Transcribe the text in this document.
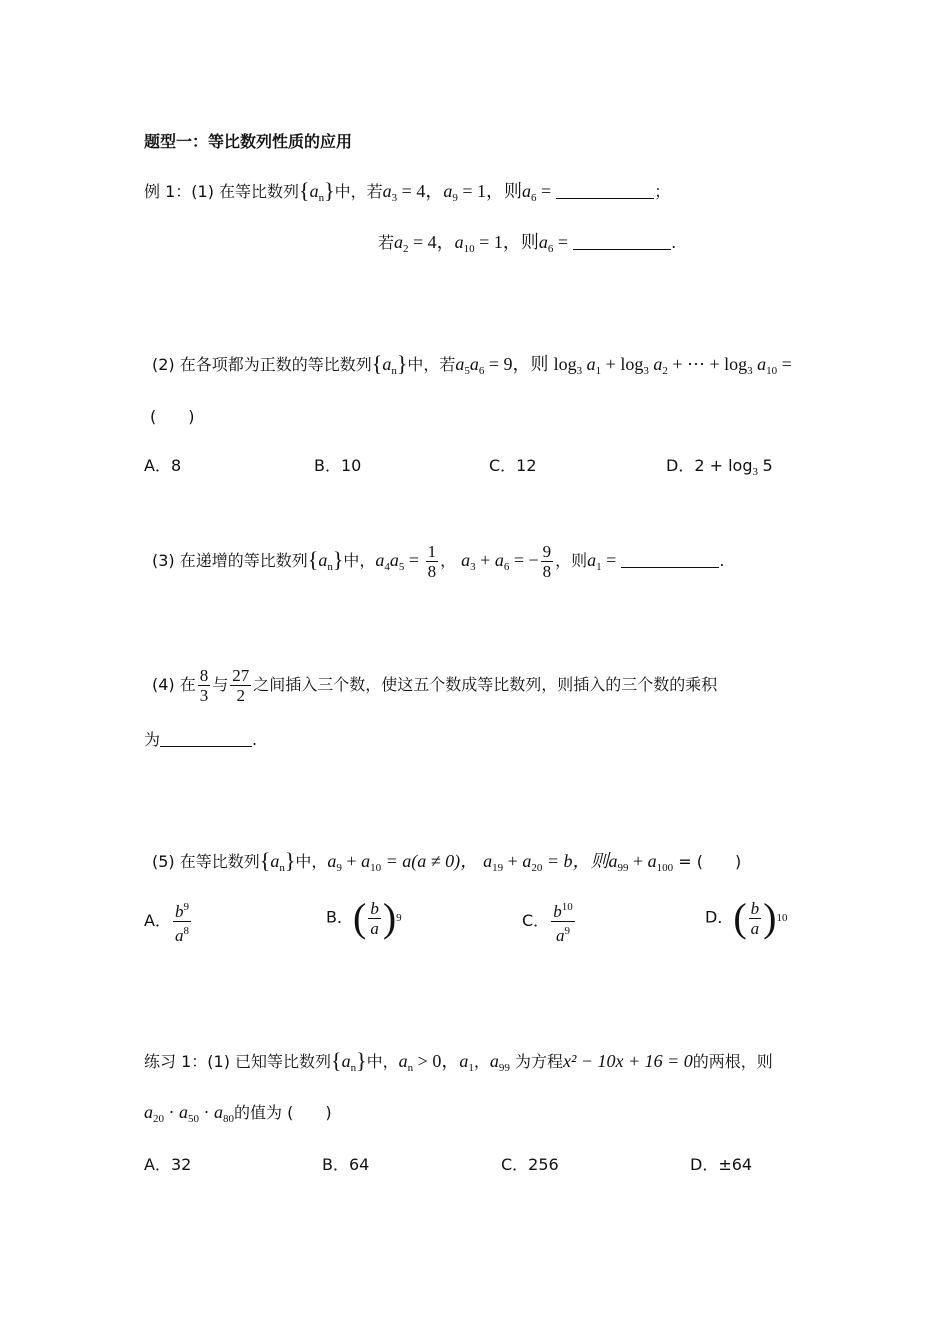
题型一：等比数列性质的应用
例 1：(1) 在等比数列$\{a_n\}$中，若$a_3 = 4$，$a_9 = 1$，则$a_6$ =	；
若$a_2 = 4$，$a_{10} = 1$，则$a_6$ =	.
(2) 在各项都为正数的等比数列$\{a_n\}$中，若$a_5a_6 = 9$，则 $\log_3 a_1 + \log_3 a_2$ + ⋯ + $\log_3 a_{10}$ =
(　　)
A．8	B．10	C．12	D．$2 + \log_3 5$
(3) 在递增的等比数列$\{a_n\}$中，$a_4a_5 = \frac{1}{8}$ ， $a_3 + a_6$ = − $\frac{9}{8}$ ，则$a_1$ =	.
(4) 在 $\frac{8}{3}$ 与 $\frac{27}{2}$ 之间插入三个数，使这五个数成等比数列，则插入的三个数的乘积
为	.
(5) 在等比数列$\{a_n\}$中，$a_9 + a_{10} = a(a \ne 0)$， $a_{19} + a_{20} = b$，则$a_{99} + a_{100}$ = (　　)
A． $\frac{b^9}{a^8}$	B． ( $\frac{b}{a}$ ) 9	C． $\frac{b^{10}}{a^9}$	D． ( $\frac{b}{a}$ ) 10
练习 1：(1) 已知等比数列$\{a_n\}$中，$a_n > 0$，$a_1$，$a_{99}$ 为方程x² − 10x + 16 = 0的两根，则
$a_{20} \cdot a_{50} \cdot a_{80}$的值为 (　　)
A．32	B．64	C．256	D．±64
